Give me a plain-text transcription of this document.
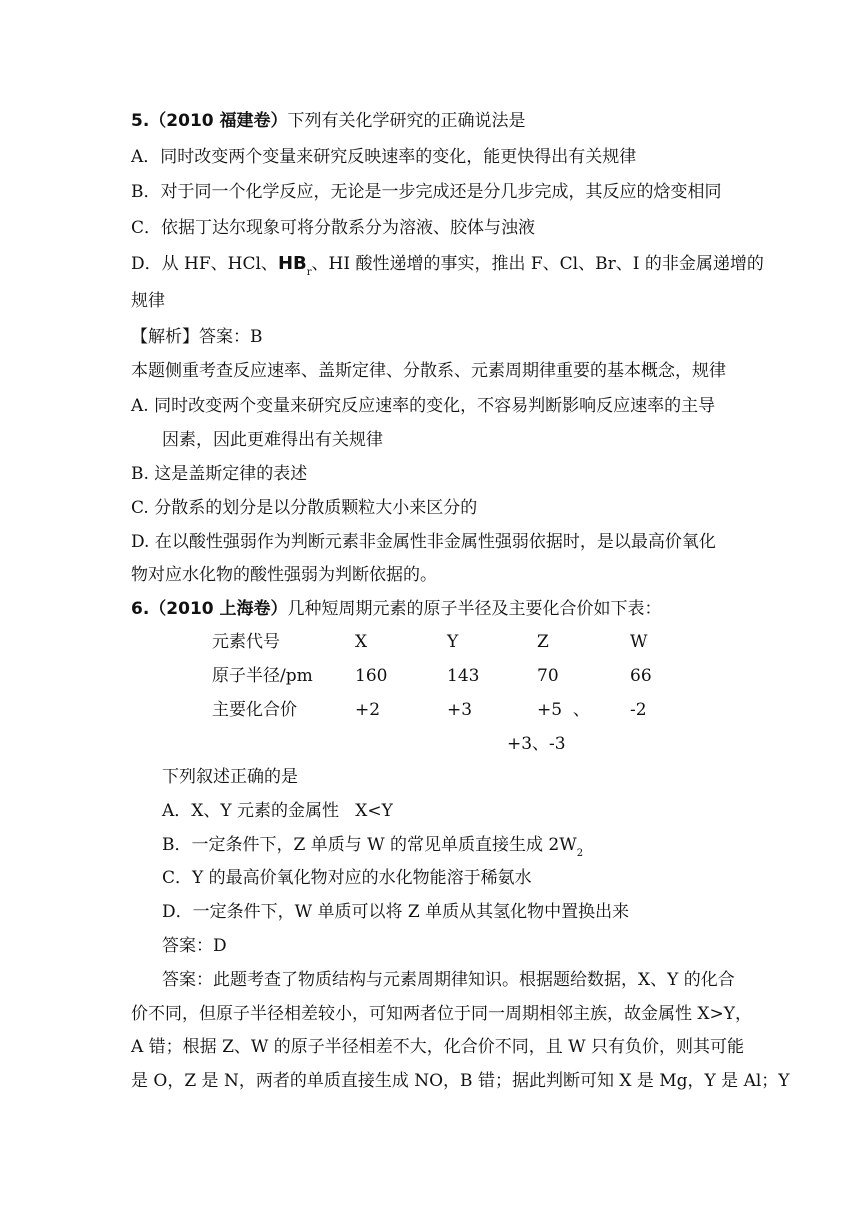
5.（2010 福建卷）下列有关化学研究的正确说法是
A．同时改变两个变量来研究反映速率的变化，能更快得出有关规律
B．对于同一个化学反应，无论是一步完成还是分几步完成，其反应的焓变相同
C．依据丁达尔现象可将分散系分为溶液、胶体与浊液
D．从 HF、HCl、$HB_r$、HI 酸性递增的事实，推出 F、Cl、Br、I 的非金属递增的
规律
【解析】答案：B
本题侧重考查反应速率、盖斯定律、分散系、元素周期律重要的基本概念，规律
A. 同时改变两个变量来研究反应速率的变化，不容易判断影响反应速率的主导
因素，因此更难得出有关规律
B. 这是盖斯定律的表述
C. 分散系的划分是以分散质颗粒大小来区分的
D. 在以酸性强弱作为判断元素非金属性非金属性强弱依据时，是以最高价氧化
物对应水化物的酸性强弱为判断依据的。
6.（2010 上海卷）几种短周期元素的原子半径及主要化合价如下表：
元素代号	X	Y	Z	W
原子半径/pm 160	143	70	66
主要化合价	+2	+3	+5  、 -2
+3、-3
下列叙述正确的是
A．X、Y 元素的金属性   X<Y
B．一定条件下，Z 单质与 W 的常见单质直接生成 $2W_2$
C．Y 的最高价氧化物对应的水化物能溶于稀氨水
D．一定条件下，W 单质可以将 Z 单质从其氢化物中置换出来
答案：D
答案：此题考查了物质结构与元素周期律知识。根据题给数据，X、Y 的化合
价不同，但原子半径相差较小，可知两者位于同一周期相邻主族，故金属性 X>Y，
A 错；根据 Z、W 的原子半径相差不大，化合价不同，且 W 只有负价，则其可能
是 O，Z 是 N，两者的单质直接生成 NO，B 错；据此判断可知 X 是 Mg，Y 是 Al；Y
